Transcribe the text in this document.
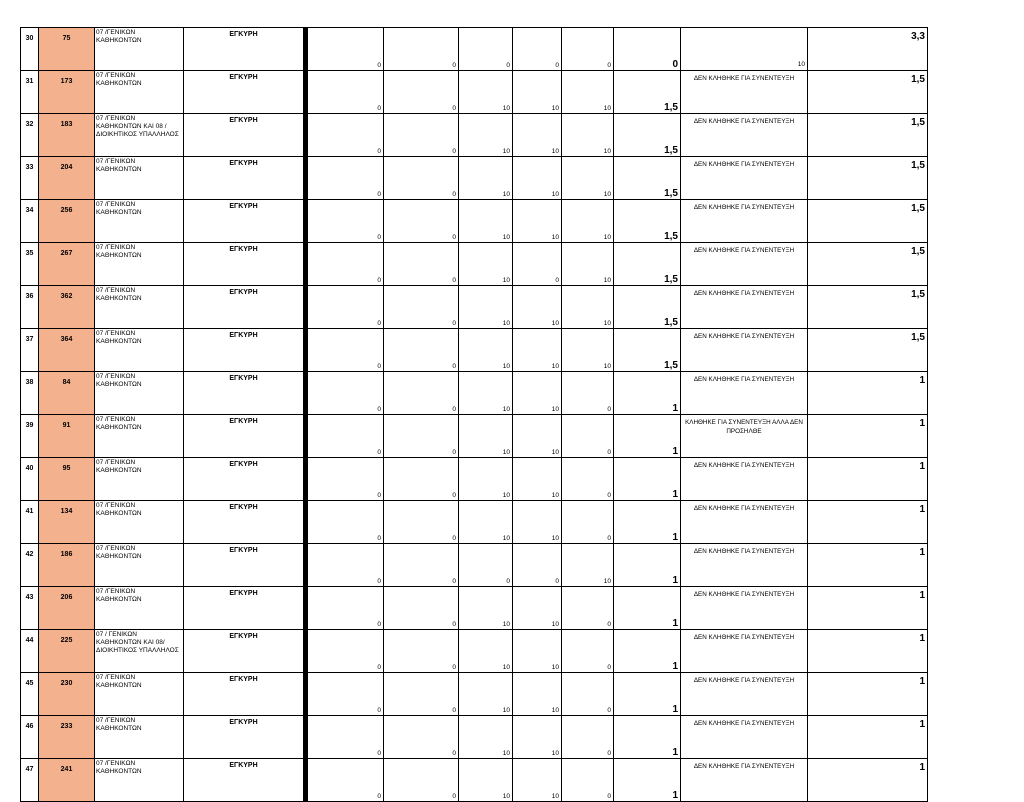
30	75	07 /ΓΕΝΙΚΩΝ ΚΑΘΗΚΟΝΤΩΝ	ΕΓΚΥΡΗ		0	0	0	0	0	0	10	3,3

31	173	07 /ΓΕΝΙΚΩΝ ΚΑΘΗΚΟΝΤΩΝ	ΕΓΚΥΡΗ		0	0	10	10	10	1,5	ΔΕΝ ΚΛΗΘΗΚΕ ΓΙΑ ΣΥΝΕΝΤΕΥΞΗ	1,5

32	183	07 /ΓΕΝΙΚΩΝ ΚΑΘΗΚΟΝΤΩΝ ΚΑΙ 08 /ΔΙΟΙΚΗΤΙΚΟΣ ΥΠΑΛΛΗΛΟΣ	ΕΓΚΥΡΗ		0	0	10	10	10	1,5	ΔΕΝ ΚΛΗΘΗΚΕ ΓΙΑ ΣΥΝΕΝΤΕΥΞΗ	1,5

33	204	07 /ΓΕΝΙΚΩΝ ΚΑΘΗΚΟΝΤΩΝ	ΕΓΚΥΡΗ		0	0	10	10	10	1,5	ΔΕΝ ΚΛΗΘΗΚΕ ΓΙΑ ΣΥΝΕΝΤΕΥΞΗ	1,5

34	256	07 /ΓΕΝΙΚΩΝ ΚΑΘΗΚΟΝΤΩΝ	ΕΓΚΥΡΗ		0	0	10	10	10	1,5	ΔΕΝ ΚΛΗΘΗΚΕ ΓΙΑ ΣΥΝΕΝΤΕΥΞΗ	1,5

35	267	07 /ΓΕΝΙΚΩΝ ΚΑΘΗΚΟΝΤΩΝ	ΕΓΚΥΡΗ		0	0	10	0	10	1,5	ΔΕΝ ΚΛΗΘΗΚΕ ΓΙΑ ΣΥΝΕΝΤΕΥΞΗ	1,5

36	362	07 /ΓΕΝΙΚΩΝ ΚΑΘΗΚΟΝΤΩΝ	ΕΓΚΥΡΗ		0	0	10	10	10	1,5	ΔΕΝ ΚΛΗΘΗΚΕ ΓΙΑ ΣΥΝΕΝΤΕΥΞΗ	1,5

37	364	07 /ΓΕΝΙΚΩΝ ΚΑΘΗΚΟΝΤΩΝ	ΕΓΚΥΡΗ		0	0	10	10	10	1,5	ΔΕΝ ΚΛΗΘΗΚΕ ΓΙΑ ΣΥΝΕΝΤΕΥΞΗ	1,5

38	84	07 /ΓΕΝΙΚΩΝ ΚΑΘΗΚΟΝΤΩΝ	ΕΓΚΥΡΗ		0	0	10	10	0	1	ΔΕΝ ΚΛΗΘΗΚΕ ΓΙΑ ΣΥΝΕΝΤΕΥΞΗ	1

39	91	07 /ΓΕΝΙΚΩΝ ΚΑΘΗΚΟΝΤΩΝ	ΕΓΚΥΡΗ		0	0	10	10	0	1	ΚΛΗΘΗΚΕ ΓΙΑ ΣΥΝΕΝΤΕΥΞΗ ΑΛΛΑ ΔΕΝ ΠΡΟΣΗΛΘΕ	1

40	95	07 /ΓΕΝΙΚΩΝ ΚΑΘΗΚΟΝΤΩΝ	ΕΓΚΥΡΗ		0	0	10	10	0	1	ΔΕΝ ΚΛΗΘΗΚΕ ΓΙΑ ΣΥΝΕΝΤΕΥΞΗ	1

41	134	07 /ΓΕΝΙΚΩΝ ΚΑΘΗΚΟΝΤΩΝ	ΕΓΚΥΡΗ		0	0	10	10	0	1	ΔΕΝ ΚΛΗΘΗΚΕ ΓΙΑ ΣΥΝΕΝΤΕΥΞΗ	1

42	186	07 /ΓΕΝΙΚΩΝ ΚΑΘΗΚΟΝΤΩΝ	ΕΓΚΥΡΗ		0	0	0	0	10	1	ΔΕΝ ΚΛΗΘΗΚΕ ΓΙΑ ΣΥΝΕΝΤΕΥΞΗ	1

43	206	07 /ΓΕΝΙΚΩΝ ΚΑΘΗΚΟΝΤΩΝ	ΕΓΚΥΡΗ		0	0	10	10	0	1	ΔΕΝ ΚΛΗΘΗΚΕ ΓΙΑ ΣΥΝΕΝΤΕΥΞΗ	1

44	225	07 / ΓΕΝΙΚΩΝ ΚΑΘΗΚΟΝΤΩΝ ΚΑΙ 08/ ΔΙΟΙΚΗΤΙΚΟΣ ΥΠΑΛΛΗΛΟΣ	ΕΓΚΥΡΗ		0	0	10	10	0	1	ΔΕΝ ΚΛΗΘΗΚΕ ΓΙΑ ΣΥΝΕΝΤΕΥΞΗ	1

45	230	07 /ΓΕΝΙΚΩΝ ΚΑΘΗΚΟΝΤΩΝ	ΕΓΚΥΡΗ		0	0	10	10	0	1	ΔΕΝ ΚΛΗΘΗΚΕ ΓΙΑ ΣΥΝΕΝΤΕΥΞΗ	1

46	233	07 /ΓΕΝΙΚΩΝ ΚΑΘΗΚΟΝΤΩΝ	ΕΓΚΥΡΗ		0	0	10	10	0	1	ΔΕΝ ΚΛΗΘΗΚΕ ΓΙΑ ΣΥΝΕΝΤΕΥΞΗ	1

47	241	07 /ΓΕΝΙΚΩΝ ΚΑΘΗΚΟΝΤΩΝ	ΕΓΚΥΡΗ		0	0	10	10	0	1	ΔΕΝ ΚΛΗΘΗΚΕ ΓΙΑ ΣΥΝΕΝΤΕΥΞΗ	1
